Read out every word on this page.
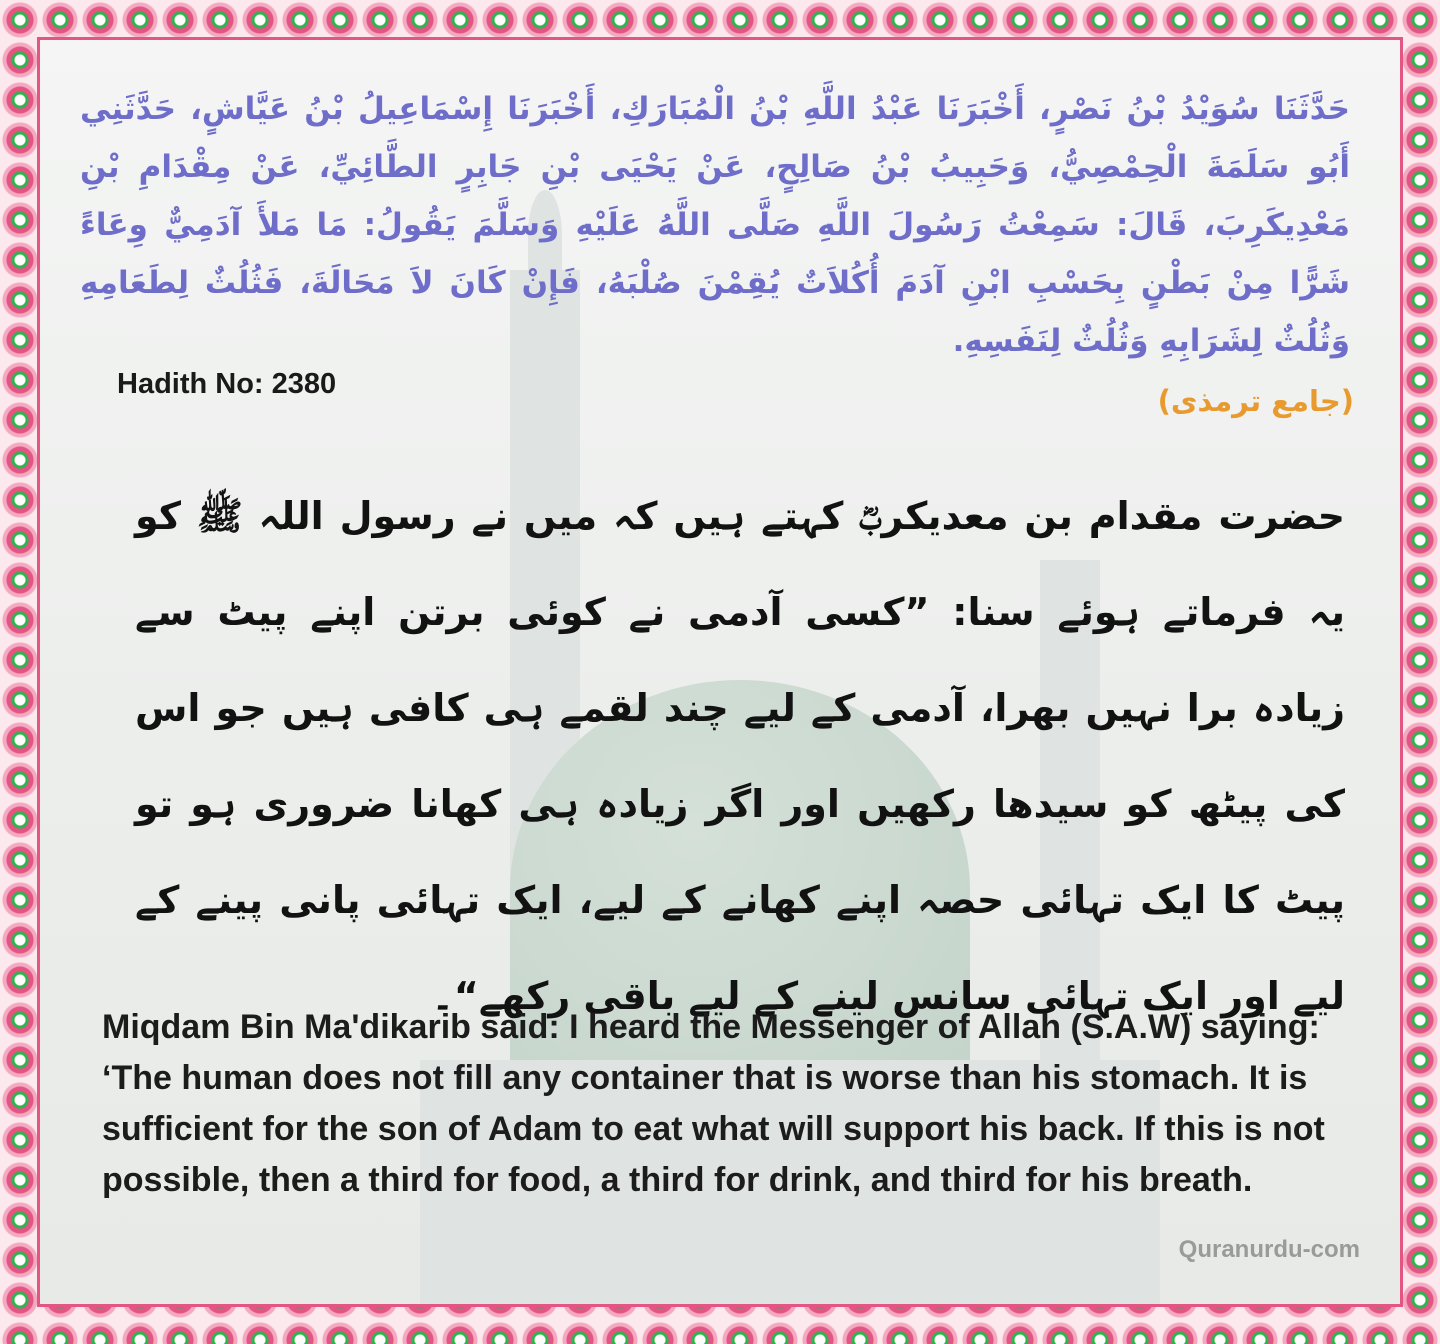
حَدَّثَنَا سُوَيْدُ بْنُ نَصْرٍ، أَخْبَرَنَا عَبْدُ اللَّهِ بْنُ الْمُبَارَكِ، أَخْبَرَنَا إِسْمَاعِيلُ بْنُ عَيَّاشٍ، حَدَّثَنِي أَبُو سَلَمَةَ الْحِمْصِيُّ، وَحَبِيبُ بْنُ صَالِحٍ، عَنْ يَحْيَى بْنِ جَابِرٍ الطَّائِيِّ، عَنْ مِقْدَامِ بْنِ مَعْدِيكَرِبَ، قَالَ: سَمِعْتُ رَسُولَ اللَّهِ صَلَّى اللَّهُ عَلَيْهِ وَسَلَّمَ يَقُولُ: مَا مَلأَ آدَمِيٌّ وِعَاءً شَرًّا مِنْ بَطْنٍ بِحَسْبِ ابْنِ آدَمَ أُكُلاَتٌ يُقِمْنَ صُلْبَهُ، فَإِنْ كَانَ لاَ مَحَالَةَ، فَثُلُثٌ لِطَعَامِهِ وَثُلُثٌ لِشَرَابِهِ وَثُلُثٌ لِنَفَسِهِ.

Hadith No: 2380	(جامع ترمذی)

حضرت مقدام بن معدیکربؓ کہتے ہیں کہ میں نے رسول اللہ ﷺ کو یہ فرماتے ہوئے سنا: ”کسی آدمی نے کوئی برتن اپنے پیٹ سے زیادہ برا نہیں بھرا، آدمی کے لیے چند لقمے ہی کافی ہیں جو اس کی پیٹھ کو سیدھا رکھیں اور اگر زیادہ ہی کھانا ضروری ہو تو پیٹ کا ایک تہائی حصہ اپنے کھانے کے لیے، ایک تہائی پانی پینے کے لیے اور ایک تہائی سانس لینے کے لیے باقی رکھے“۔

Miqdam Bin Ma'dikarib said: I heard the Messenger of Allah (S.A.W) saying: ‘The human does not fill any container that is worse than his stomach. It is sufficient for the son of Adam to eat what will support his back. If this is not possible, then a third for food, a third for drink, and third for his breath.

Quranurdu-com
